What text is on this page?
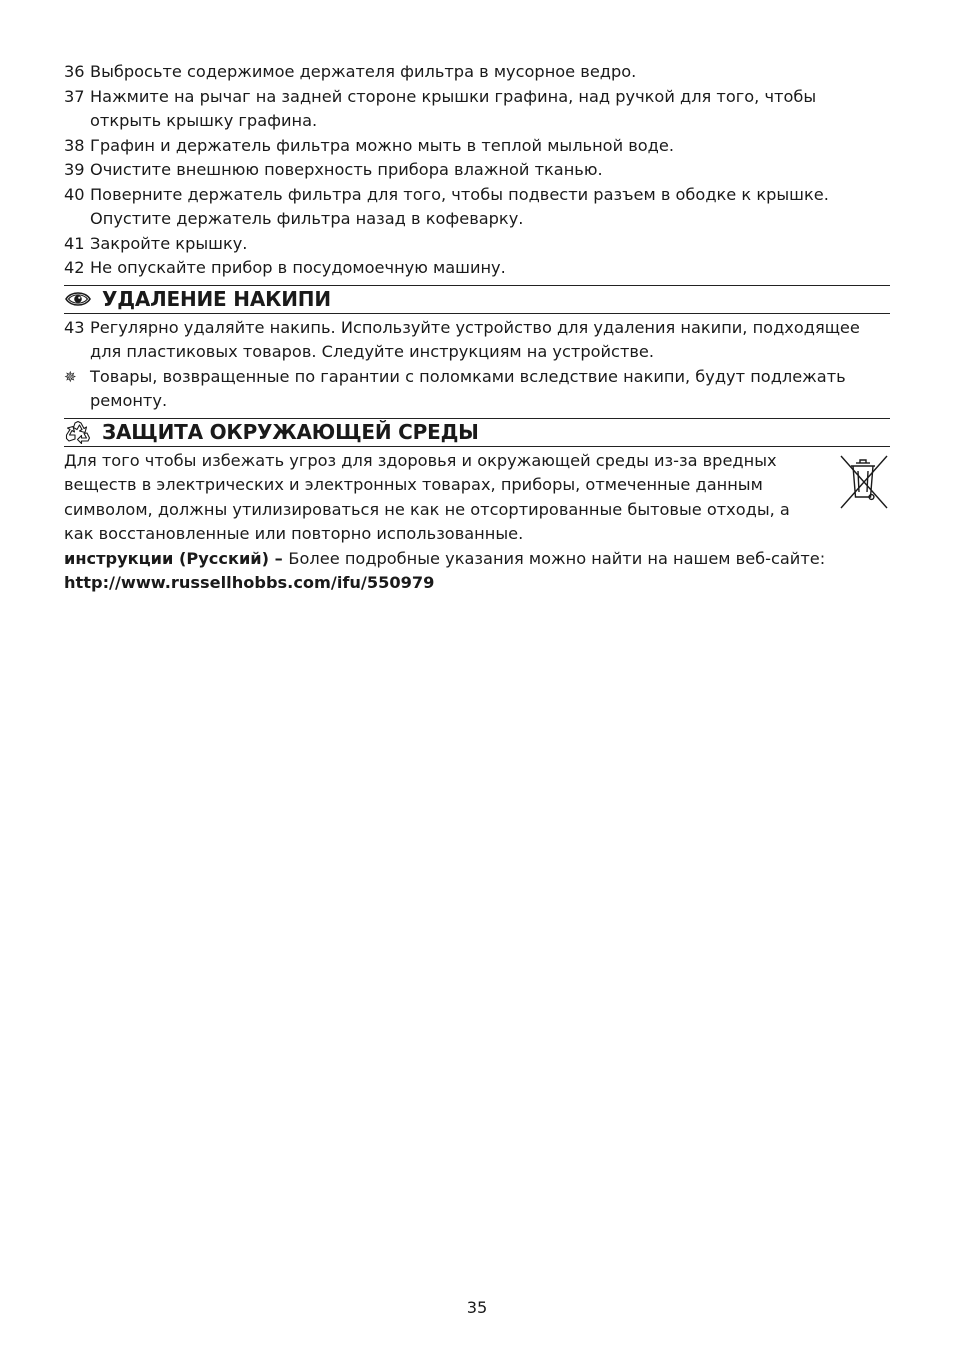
36 Выбросьте содержимое держателя фильтра в мусорное ведро.
37 Нажмите на рычаг на задней стороне крышки графина, над ручкой для того, чтобы открыть крышку графина.
38 Графин и держатель фильтра можно мыть в теплой мыльной воде.
39 Очистите внешнюю поверхность прибора влажной тканью.
40 Поверните держатель фильтра для того, чтобы подвести разъем в ободке к крышке. Опустите держатель фильтра назад в кофеварку.
41 Закройте крышку.
42 Не опускайте прибор в посудомоечную машину.
УДАЛЕНИЕ НАКИПИ
43 Регулярно удаляйте накипь. Используйте устройство для удаления накипи, подходящее для пластиковых товаров. Следуйте инструкциям на устройстве.
✵ Товары, возвращенные по гарантии с поломками вследствие накипи, будут подлежать ремонту.
ЗАЩИТА ОКРУЖАЮЩЕЙ СРЕДЫ
Для того чтобы избежать угроз для здоровья и окружающей среды из-за вредных веществ в электрических и электронных товарах, приборы, отмеченные данным символом, должны утилизироваться не как не отсортированные бытовые отходы, а как восстановленные или повторно использованные.
инструкции (Русский) – Более подробные указания можно найти на нашем веб-сайте:
http://www.russellhobbs.com/ifu/550979
35
